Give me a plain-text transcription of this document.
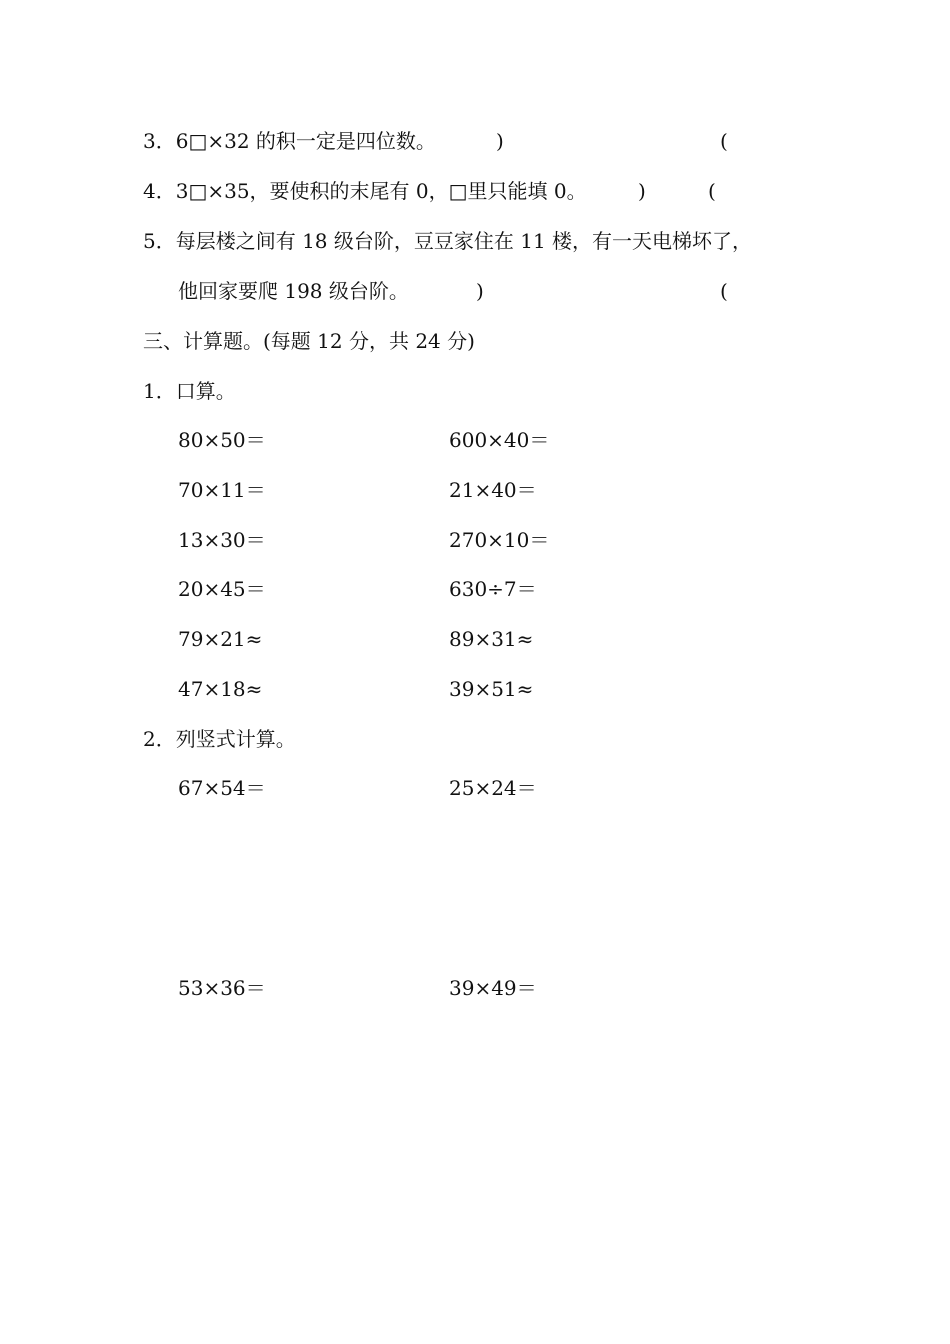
3．6□×32 的积一定是四位数。	)	(
4．3□×35，要使积的末尾有 0，□里只能填 0。	)	(
5．每层楼之间有 18 级台阶，豆豆家住在 11 楼，有一天电梯坏了，
他回家要爬 198 级台阶。	)	(
三、计算题。(每题 12 分，共 24 分)
1．口算。
80×50＝	600×40＝
70×11＝	21×40＝
13×30＝	270×10＝
20×45＝	630÷7＝
79×21≈	89×31≈
47×18≈	39×51≈
2．列竖式计算。
67×54＝	25×24＝
53×36＝	39×49＝
